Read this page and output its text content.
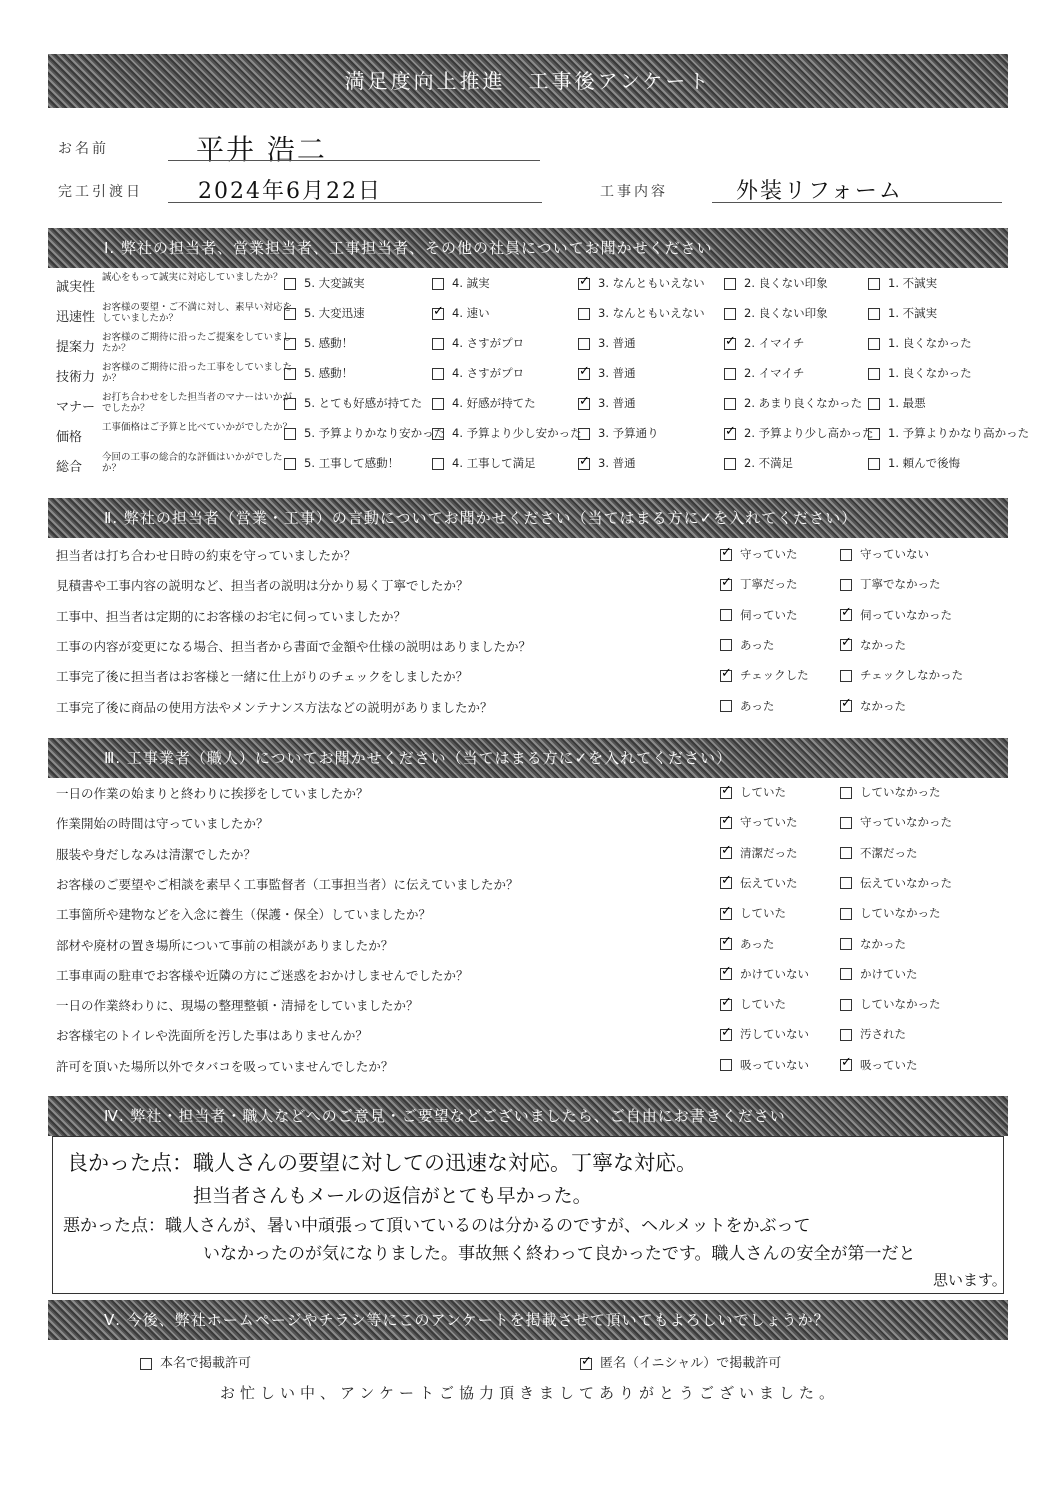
満足度向上推進　工事後アンケート
お名前	平井 浩二
完工引渡日	2024年6月22日	工事内容	外装リフォーム
Ⅰ. 弊社の担当者、営業担当者、工事担当者、その他の社員についてお聞かせください
誠実性
誠心をもって誠実に対応していましたか？	5. 大変誠実	4. 誠実 ✓	3. なんともいえない	2. 良くない印象	1. 不誠実
迅速性
お客様の要望・ご不満に対し、素早い対応をしていましたか？	5. 大変迅速 ✓	4. 速い	3. なんともいえない	2. 良くない印象	1. 不誠実
提案力
お客様のご期待に沿ったご提案をしていましたか？	5. 感動！	4. さすがプロ	3. 普通 ✓	2. イマイチ	1. 良くなかった
技術力
お客様のご期待に沿った工事をしていましたか？	5. 感動！	4. さすがプロ ✓	3. 普通	2. イマイチ	1. 良くなかった
マナー
お打ち合わせをした担当者のマナーはいかがでしたか？	5. とても好感が持てた	4. 好感が持てた ✓	3. 普通	2. あまり良くなかった	1. 最悪
価格
工事価格はご予算と比べていかがでしたか？	5. 予算よりかなり安かった 4. 予算より少し安かった	3. 予算通り ✓	2. 予算より少し高かった	1. 予算よりかなり高かった
総合
今回の工事の総合的な評価はいかがでしたか？	5. 工事して感動！	4. 工事して満足 ✓	3. 普通	2. 不満足	1. 頼んで後悔
Ⅱ. 弊社の担当者（営業・工事）の言動についてお聞かせください（当てはまる方に✓を入れてください）
担当者は打ち合わせ日時の約束を守っていましたか？ ✓	守っていた	守っていない
見積書や工事内容の説明など、担当者の説明は分かり易く丁寧でしたか？ ✓	丁寧だった	丁寧でなかった
工事中、担当者は定期的にお客様のお宅に伺っていましたか？	伺っていた ✓	伺っていなかった
工事の内容が変更になる場合、担当者から書面で金額や仕様の説明はありましたか？	あった ✓	なかった
工事完了後に担当者はお客様と一緒に仕上がりのチェックをしましたか？ ✓	チェックした	チェックしなかった
工事完了後に商品の使用方法やメンテナンス方法などの説明がありましたか？	あった ✓	なかった
Ⅲ. 工事業者（職人）についてお聞かせください（当てはまる方に✓を入れてください）
一日の作業の始まりと終わりに挨拶をしていましたか？ ✓	していた	していなかった
作業開始の時間は守っていましたか？ ✓	守っていた	守っていなかった
服装や身だしなみは清潔でしたか？ ✓	清潔だった	不潔だった
お客様のご要望やご相談を素早く工事監督者（工事担当者）に伝えていましたか？ ✓	伝えていた	伝えていなかった
工事箇所や建物などを入念に養生（保護・保全）していましたか？ ✓	していた	していなかった
部材や廃材の置き場所について事前の相談がありましたか？ ✓	あった	なかった
工事車両の駐車でお客様や近隣の方にご迷惑をおかけしませんでしたか？ ✓	かけていない	かけていた
一日の作業終わりに、現場の整理整頓・清掃をしていましたか？ ✓	していた	していなかった
お客様宅のトイレや洗面所を汚した事はありませんか？ ✓	汚していない	汚された
許可を頂いた場所以外でタバコを吸っていませんでしたか？	吸っていない ✓	吸っていた
Ⅳ. 弊社・担当者・職人などへのご意見・ご要望などございましたら、ご自由にお書きください
良かった点：職人さんの要望に対しての迅速な対応。丁寧な対応。
担当者さんもメールの返信がとても早かった。
悪かった点：職人さんが、暑い中頑張って頂いているのは分かるのですが、ヘルメットをかぶって
いなかったのが気になりました。事故無く終わって良かったです。職人さんの安全が第一だと
思います。
Ⅴ. 今後、弊社ホームページやチラシ等にこのアンケートを掲載させて頂いてもよろしいでしょうか？
本名で掲載許可 ✓	匿名（イニシャル）で掲載許可
お忙しい中、アンケートご協力頂きましてありがとうございました。
